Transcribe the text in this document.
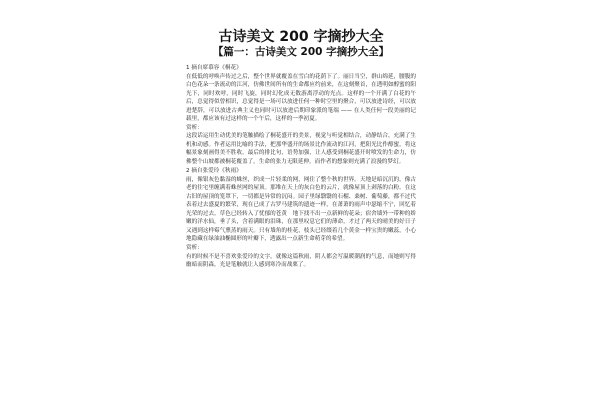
古诗美文 200 字摘抄大全
【篇一：古诗美文 200 字摘抄大全】
1 摘自席慕容《桐花》
在低低的呼唤声传过之后，整个世界就覆盖在雪白的花荫下了。丽日当空，群山绵延，腰腹的白色花朵一条流动的江河，仿佛世间所有的生命都应约前来，在这刻聚首，在透明如醇蜜的阳光下，同时欢呼，同时飞旋，同时幻化成无数游离浮动的光点。这样的一个开满了白花的午后，总觉得似曾相识，总觉得是一场可以放进任何一种时空里的聚合，可以放进诗经，可以放进楚辞，可以放进古典主义也同时可以放进后期印象派的笔端 —— 在人类任何一段美丽的记载里，都应该有过这样的一个午后，这样的一季初夏。
赏析：
这段话运用生动优美的笔触描绘了桐花盛开的美景，视觉与听觉相结合，动静结合，充满了生机和动感。作者运用比喻的手法，把那华盛开的场景比作流动的江河，把阳光比作醇蜜，将这幅景象刻画得美不胜收。最后的排比句，语势加强，让人感受到桐花盛开时喷发的生命力，仿佛整个山坡都被桐花覆盖了，生命的张力无限延伸。而作者的想象则充满了浪漫的梦幻。
2 摘自张爱玲《秋雨》
雨，像银灰色黏湿的蛛丝，织成一片轻柔的网，网住了整个秋的世界。天地是暗沉沉的，像古老的住宅里缠满着蛛丝网的屋顶。那堆在天上的灰白色的云片，就像屋顶上剥落的白粉。在这古旧的屋顶的笼罩下，一切都是异常的沉闷。园子里绿翳翳的石榴、桑树、葡萄藤，都不过代表着过去盛夏的繁荣，现在已成了古罗马建筑的遗迹一样，在萧萧的雨声中瑟缩不宁，回忆着光荣的过去。草色已经转入了忧郁的苍黄　地下找不出一点新鲜的花朵；宿舍墙外一带种的娇嫩的洋水仙，垂了头，含着满眼的泪珠，在那里叹息它们的薄命，才过了两天的晴美的好日子又遇到这样霉气熏蒸的雨天。只有墙角的桂花，枝头已经缀着几个黄金一样宝贵的嫩蕊，小心地隐藏在绿油油椭圆形的叶瓣下，透露出一点新生命萌芽的希望。
赏析：
有的时候不是不喜欢张爱玲的文字，就像这篇秋雨，阴人都会写温暖潮润的气息，而她则写得幽暗而阴森，光是笔触就让人感到寒冷而战栗了。
